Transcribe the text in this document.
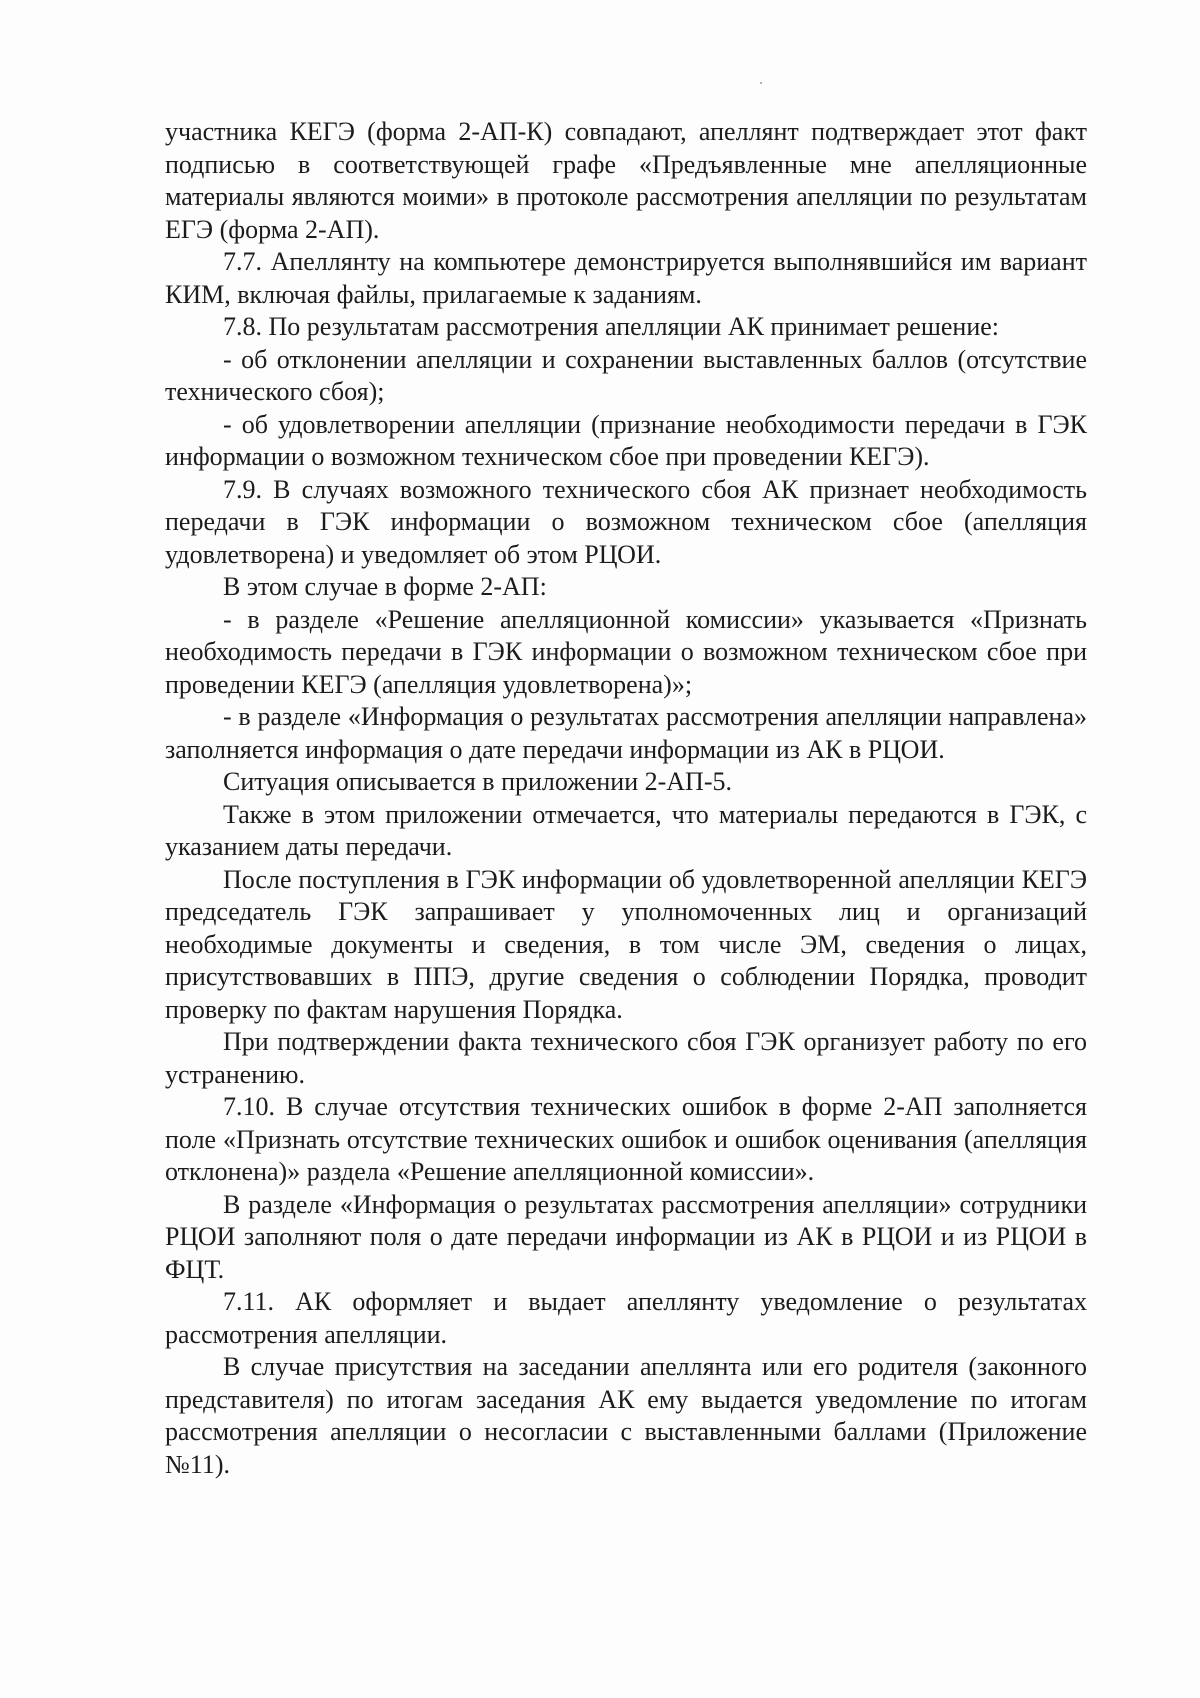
участника КЕГЭ (форма 2-АП-К) совпадают, апеллянт подтверждает этот факт подписью в соответствующей графе «Предъявленные мне апелляционные материалы являются моими» в протоколе рассмотрения апелляции по результатам ЕГЭ (форма 2-АП).

7.7. Апеллянту на компьютере демонстрируется выполнявшийся им вариант КИМ, включая файлы, прилагаемые к заданиям.

7.8. По результатам рассмотрения апелляции АК принимает решение:

- об отклонении апелляции и сохранении выставленных баллов (отсутствие технического сбоя);

- об удовлетворении апелляции (признание необходимости передачи в ГЭК информации о возможном техническом сбое при проведении КЕГЭ).

7.9. В случаях возможного технического сбоя АК признает необходимость передачи в ГЭК информации о возможном техническом сбое (апелляция удовлетворена) и уведомляет об этом РЦОИ.

В этом случае в форме 2-АП:

- в разделе «Решение апелляционной комиссии» указывается «Признать необходимость передачи в ГЭК информации о возможном техническом сбое при проведении КЕГЭ (апелляция удовлетворена)»;

- в разделе «Информация о результатах рассмотрения апелляции направлена» заполняется информация о дате передачи информации из АК в РЦОИ.

Ситуация описывается в приложении 2-АП-5.

Также в этом приложении отмечается, что материалы передаются в ГЭК, с указанием даты передачи.

После поступления в ГЭК информации об удовлетворенной апелляции КЕГЭ председатель ГЭК запрашивает у уполномоченных лиц и организаций необходимые документы и сведения, в том числе ЭМ, сведения о лицах, присутствовавших в ППЭ, другие сведения о соблюдении Порядка, проводит проверку по фактам нарушения Порядка.

При подтверждении факта технического сбоя ГЭК организует работу по его устранению.

7.10. В случае отсутствия технических ошибок в форме 2-АП заполняется поле «Признать отсутствие технических ошибок и ошибок оценивания (апелляция отклонена)» раздела «Решение апелляционной комиссии».

В разделе «Информация о результатах рассмотрения апелляции» сотрудники РЦОИ заполняют поля о дате передачи информации из АК в РЦОИ и из РЦОИ в ФЦТ.

7.11. АК оформляет и выдает апеллянту уведомление о результатах рассмотрения апелляции.

В случае присутствия на заседании апеллянта или его родителя (законного представителя) по итогам заседания АК ему выдается уведомление по итогам рассмотрения апелляции о несогласии с выставленными баллами (Приложение №11).
